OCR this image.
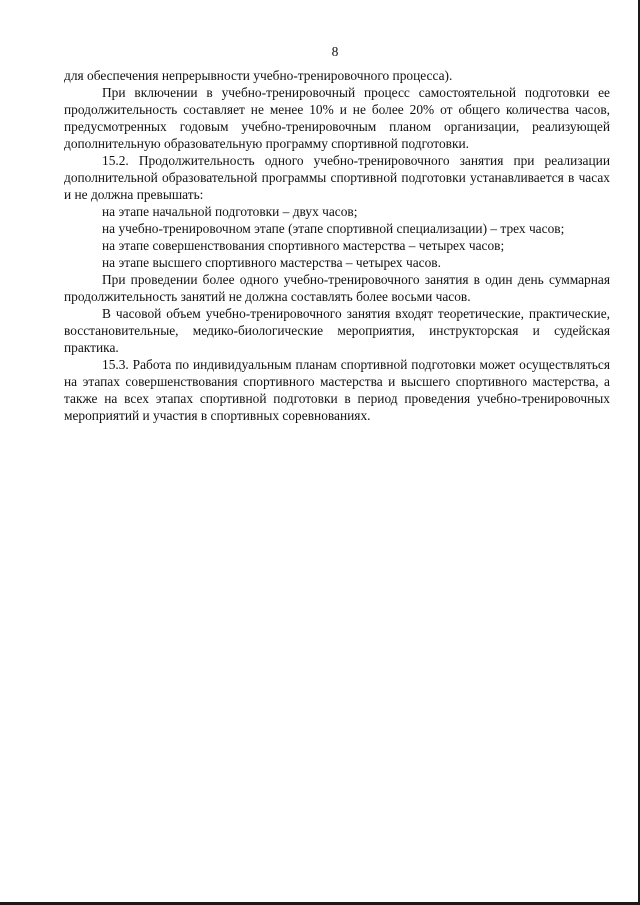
8

для обеспечения непрерывности учебно-тренировочного процесса).

При включении в учебно-тренировочный процесс самостоятельной подготовки ее продолжительность составляет не менее 10% и не более 20% от общего количества часов, предусмотренных годовым учебно-тренировочным планом организации, реализующей дополнительную образовательную программу спортивной подготовки.

15.2. Продолжительность одного учебно-тренировочного занятия при реализации дополнительной образовательной программы спортивной подготовки устанавливается в часах и не должна превышать:

на этапе начальной подготовки – двух часов;

на учебно-тренировочном этапе (этапе спортивной специализации) – трех часов;

на этапе совершенствования спортивного мастерства – четырех часов;

на этапе высшего спортивного мастерства – четырех часов.

При проведении более одного учебно-тренировочного занятия в один день суммарная продолжительность занятий не должна составлять более восьми часов.

В часовой объем учебно-тренировочного занятия входят теоретические, практические, восстановительные, медико-биологические мероприятия, инструкторская и судейская практика.

15.3. Работа по индивидуальным планам спортивной подготовки может осуществляться на этапах совершенствования спортивного мастерства и высшего спортивного мастерства, а также на всех этапах спортивной подготовки в период проведения учебно-тренировочных мероприятий и участия в спортивных соревнованиях.
